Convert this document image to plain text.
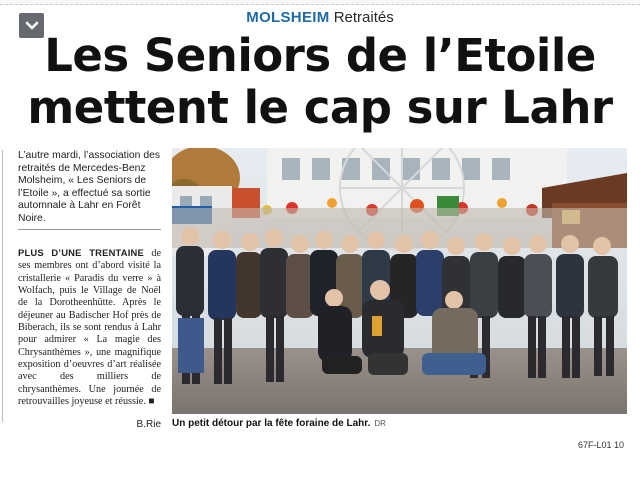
MOLSHEIM Retraités
Les Seniors de l’Etoile
mettent le cap sur Lahr
L’autre mardi, l’association des retraités de Mercedes-Benz Molsheim, « Les Seniors de l’Etoile », a effectué sa sortie automnale à Lahr en Forêt Noire.
PLUS D’UNE TRENTAINE de ses membres ont d’abord visité la cristallerie « Paradis du verre » à Wolfach, puis le Village de Noël de la Dorotheenhütte. Après le déjeuner au Badischer Hof près de Biberach, ils se sont rendus à Lahr pour admirer « La magie des Chrysanthèmes », une magnifique exposition d’oeuvres d’art réalisée avec des milliers de chrysanthèmes. Une journée de retrouvailles joyeuse et réussie. ■
B.Rie Un petit détour par la fête foraine de Lahr. DR
67F-L01 10
